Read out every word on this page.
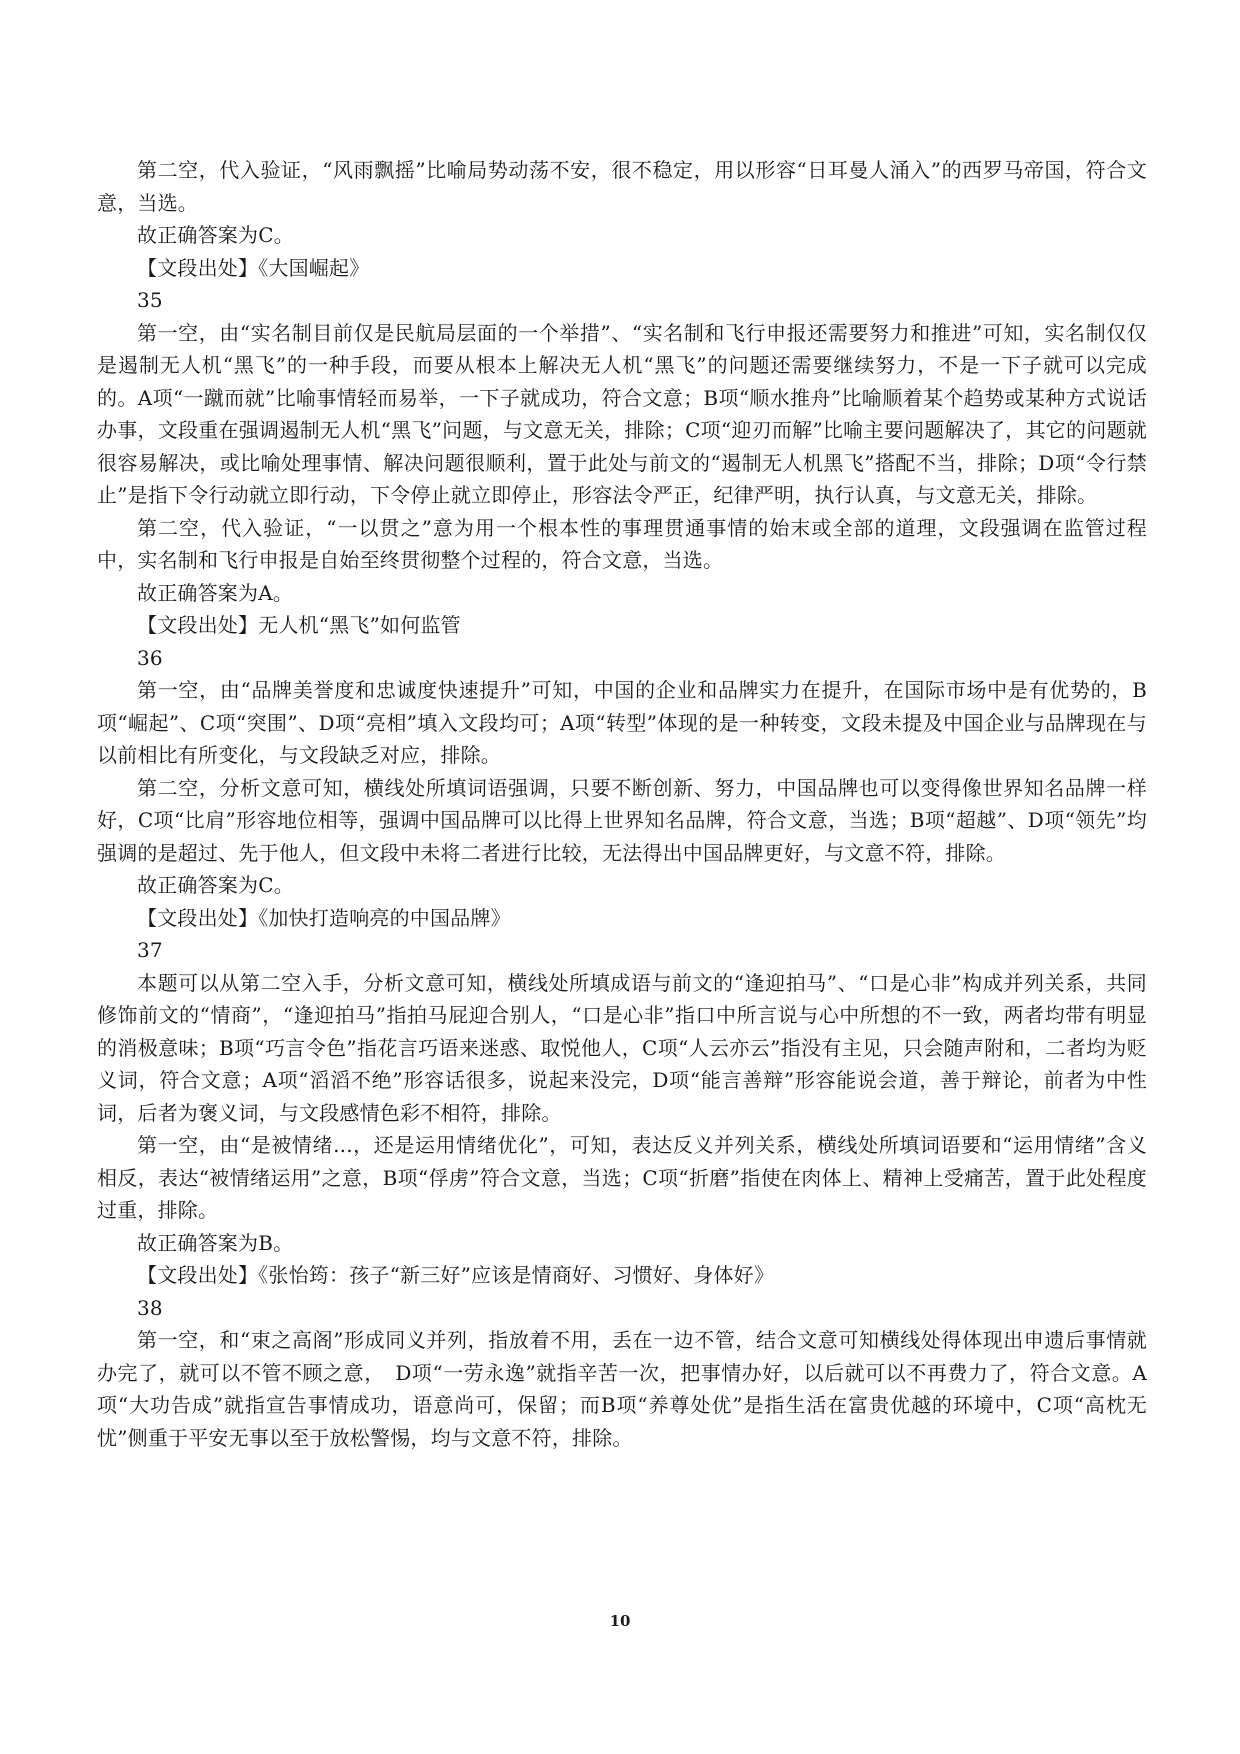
第二空，代入验证，“风雨飘摇”比喻局势动荡不安，很不稳定，用以形容“日耳曼人涌入”的西罗马帝国，符合文意，当选。

故正确答案为C。

【文段出处】《大国崛起》

35

第一空，由“实名制目前仅是民航局层面的一个举措”、“实名制和飞行申报还需要努力和推进”可知，实名制仅仅是遏制无人机“黑飞”的一种手段，而要从根本上解决无人机“黑飞”的问题还需要继续努力，不是一下子就可以完成的。A项“一蹴而就”比喻事情轻而易举，一下子就成功，符合文意；B项“顺水推舟”比喻顺着某个趋势或某种方式说话办事，文段重在强调遏制无人机“黑飞”问题，与文意无关，排除；C项“迎刃而解”比喻主要问题解决了，其它的问题就很容易解决，或比喻处理事情、解决问题很顺利，置于此处与前文的“遏制无人机黑飞”搭配不当，排除；D项“令行禁止”是指下令行动就立即行动，下令停止就立即停止，形容法令严正，纪律严明，执行认真，与文意无关，排除。

第二空，代入验证，“一以贯之”意为用一个根本性的事理贯通事情的始末或全部的道理，文段强调在监管过程中，实名制和飞行申报是自始至终贯彻整个过程的，符合文意，当选。

故正确答案为A。

【文段出处】无人机“黑飞”如何监管

36

第一空，由“品牌美誉度和忠诚度快速提升”可知，中国的企业和品牌实力在提升，在国际市场中是有优势的，B项“崛起”、C项“突围”、D项“亮相”填入文段均可；A项“转型”体现的是一种转变，文段未提及中国企业与品牌现在与以前相比有所变化，与文段缺乏对应，排除。

第二空，分析文意可知，横线处所填词语强调，只要不断创新、努力，中国品牌也可以变得像世界知名品牌一样好，C项“比肩”形容地位相等，强调中国品牌可以比得上世界知名品牌，符合文意，当选；B项“超越”、D项“领先”均强调的是超过、先于他人，但文段中未将二者进行比较，无法得出中国品牌更好，与文意不符，排除。

故正确答案为C。

【文段出处】《加快打造响亮的中国品牌》

37

本题可以从第二空入手，分析文意可知，横线处所填成语与前文的“逢迎拍马”、“口是心非”构成并列关系，共同修饰前文的“情商”，“逢迎拍马”指拍马屁迎合别人，“口是心非”指口中所言说与心中所想的不一致，两者均带有明显的消极意味；B项“巧言令色”指花言巧语来迷惑、取悦他人，C项“人云亦云”指没有主见，只会随声附和，二者均为贬义词，符合文意；A项“滔滔不绝”形容话很多，说起来没完，D项“能言善辩”形容能说会道，善于辩论，前者为中性词，后者为褒义词，与文段感情色彩不相符，排除。

第一空，由“是被情绪...，还是运用情绪优化”，可知，表达反义并列关系，横线处所填词语要和“运用情绪”含义相反，表达“被情绪运用”之意，B项“俘虏”符合文意，当选；C项“折磨”指使在肉体上、精神上受痛苦，置于此处程度过重，排除。

故正确答案为B。

【文段出处】《张怡筠：孩子“新三好”应该是情商好、习惯好、身体好》

38

第一空，和“束之高阁”形成同义并列，指放着不用，丢在一边不管，结合文意可知横线处得体现出申遗后事情就办完了，就可以不管不顾之意，　D项“一劳永逸”就指辛苦一次，把事情办好，以后就可以不再费力了，符合文意。A项“大功告成”就指宣告事情成功，语意尚可，保留；而B项“养尊处优”是指生活在富贵优越的环境中，C项“高枕无忧”侧重于平安无事以至于放松警惕，均与文意不符，排除。

10
